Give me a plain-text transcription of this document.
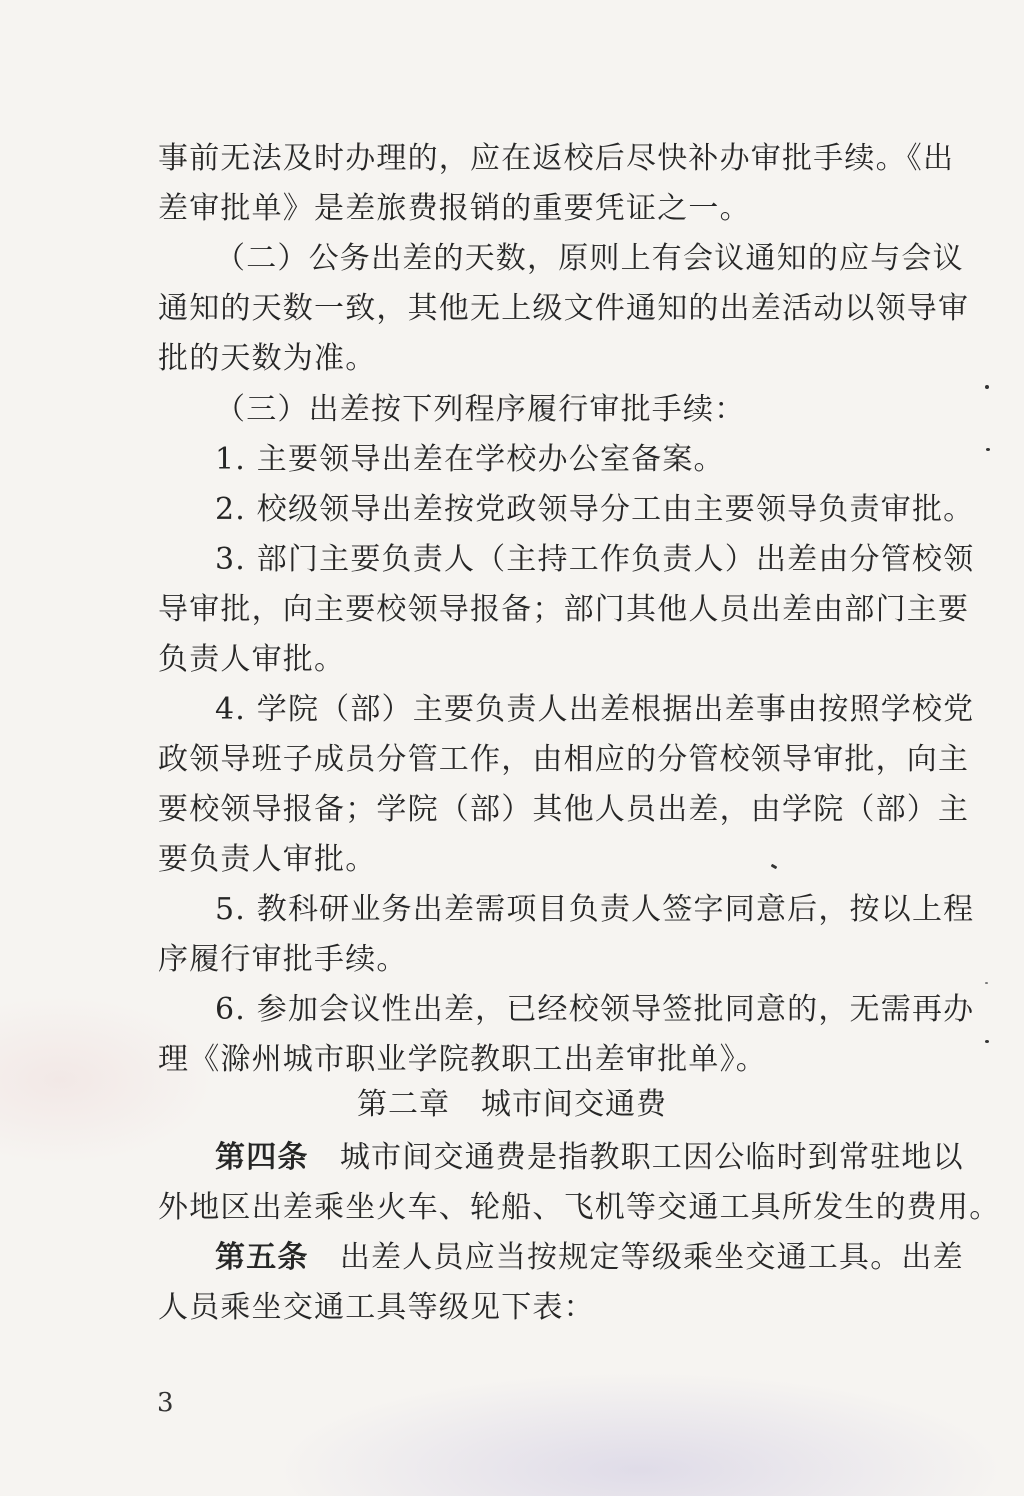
事前无法及时办理的，应在返校后尽快补办审批手续。《出
差审批单》是差旅费报销的重要凭证之一。
（二）公务出差的天数，原则上有会议通知的应与会议
通知的天数一致，其他无上级文件通知的出差活动以领导审
批的天数为准。
（三）出差按下列程序履行审批手续：
1. 主要领导出差在学校办公室备案。
2. 校级领导出差按党政领导分工由主要领导负责审批。
3. 部门主要负责人（主持工作负责人）出差由分管校领
导审批，向主要校领导报备；部门其他人员出差由部门主要
负责人审批。
4. 学院（部）主要负责人出差根据出差事由按照学校党
政领导班子成员分管工作，由相应的分管校领导审批，向主
要校领导报备；学院（部）其他人员出差，由学院（部）主
要负责人审批。
5. 教科研业务出差需项目负责人签字同意后，按以上程
序履行审批手续。
6. 参加会议性出差，已经校领导签批同意的，无需再办
理《滁州城市职业学院教职工出差审批单》。
第二章　城市间交通费
第四条　 城市间交通费是指教职工因公临时到常驻地以
外地区出差乘坐火车、轮船、飞机等交通工具所发生的费用。
第五条　 出差人员应当按规定等级乘坐交通工具。出差
人员乘坐交通工具等级见下表：
3
